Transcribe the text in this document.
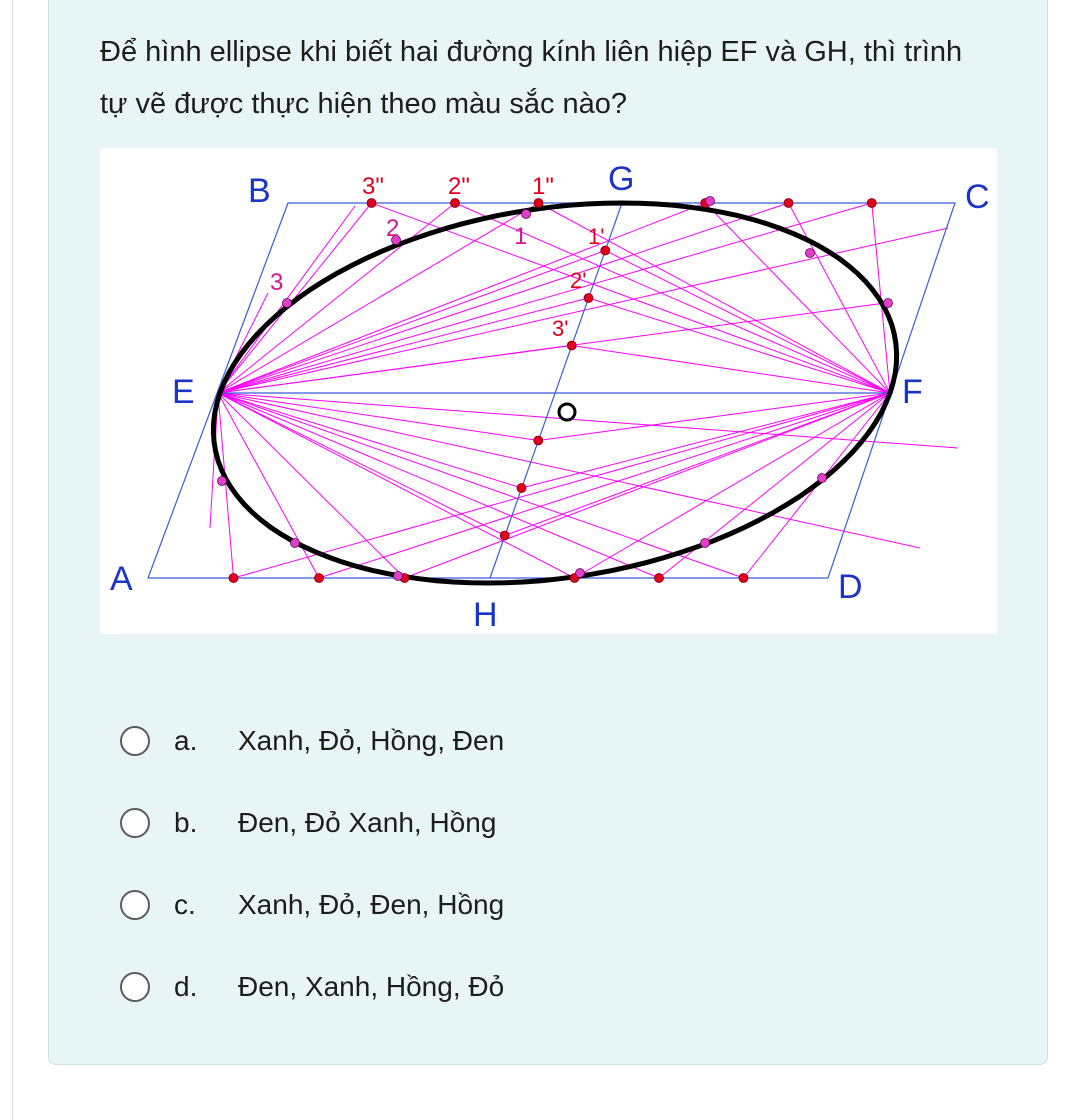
Để hình ellipse khi biết hai đường kính liên hiệp EF và GH, thì trình tự vẽ được thực hiện theo màu sắc nào?

B	C
A	D
E	F
G
H
3"	2"	1"
2	1
3
1'
2'
3'
a.	Xanh, Đỏ, Hồng, Đen
b.	Đen, Đỏ Xanh, Hồng
c.	Xanh, Đỏ, Đen, Hồng
d.	Đen, Xanh, Hồng, Đỏ
